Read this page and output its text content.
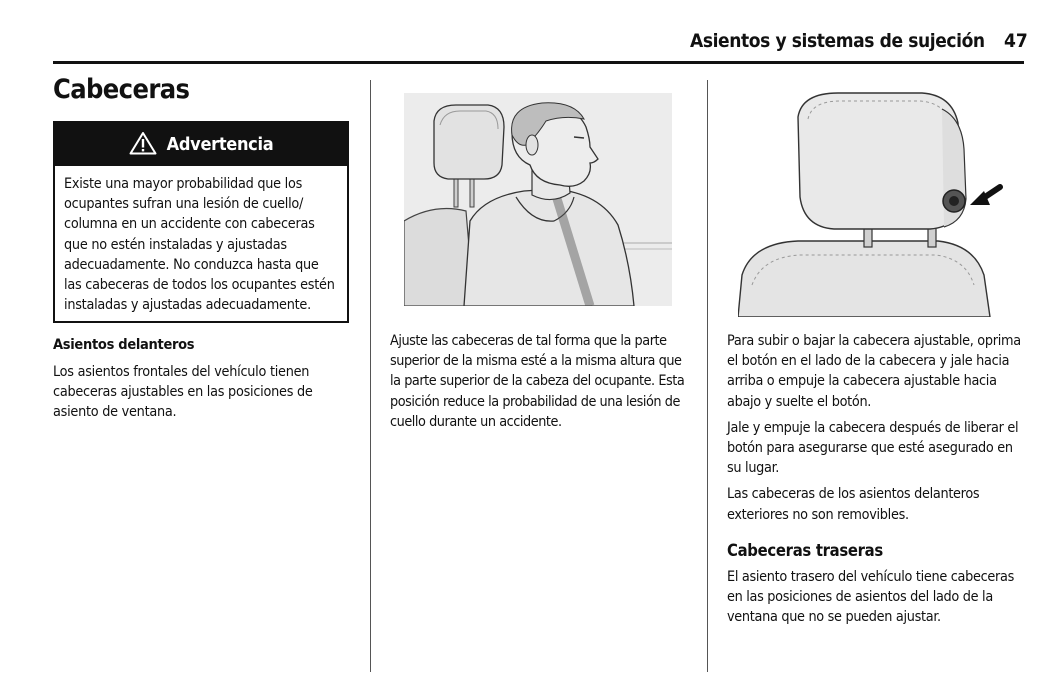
Asientos y sistemas de sujeción 47
Cabeceras
Advertencia
Existe una mayor probabilidad que los ocupantes sufran una lesión de cuello/ columna en un accidente con cabeceras que no estén instaladas y ajustadas adecuadamente. No conduzca hasta que las cabeceras de todos los ocupantes estén instaladas y ajustadas adecuadamente.
Asientos delanteros
Los asientos frontales del vehículo tienen cabeceras ajustables en las posiciones de asiento de ventana.
Ajuste las cabeceras de tal forma que la parte superior de la misma esté a la misma altura que la parte superior de la cabeza del ocupante. Esta posición reduce la probabilidad de una lesión de cuello durante un accidente.

Para subir o bajar la cabecera ajustable, oprima el botón en el lado de la cabecera y jale hacia arriba o empuje la cabecera ajustable hacia abajo y suelte el botón.

Jale y empuje la cabecera después de liberar el botón para asegurarse que esté asegurado en su lugar.

Las cabeceras de los asientos delanteros exteriores no son removibles.

Cabeceras traseras

El asiento trasero del vehículo tiene cabeceras en las posiciones de asientos del lado de la ventana que no se pueden ajustar.
